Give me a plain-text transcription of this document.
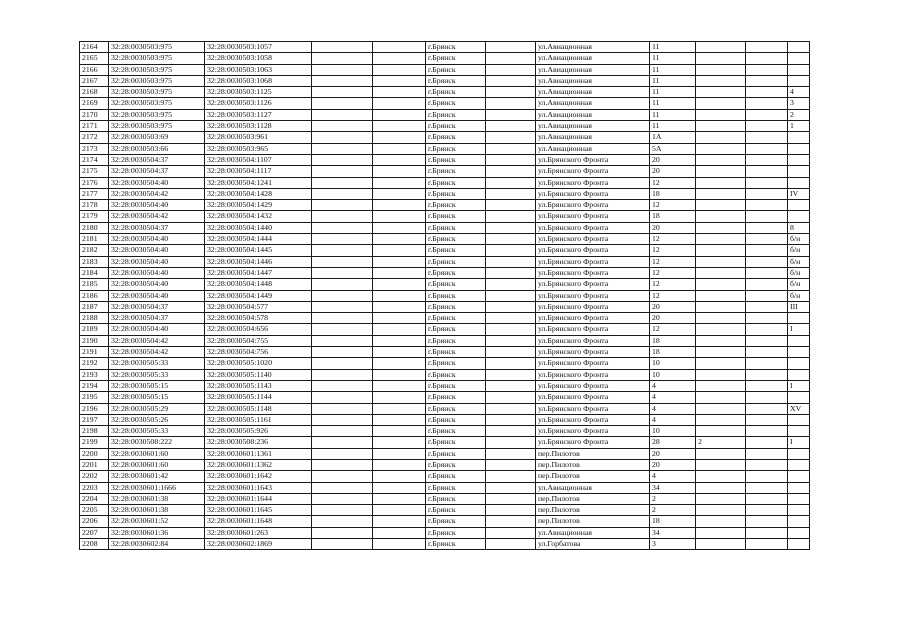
2164	32:28:0030503:975	32:28:0030503:1057			г.Брянск		ул.Авиационная	11			
2165	32:28:0030503:975	32:28:0030503:1058			г.Брянск		ул.Авиационная	11			
2166	32:28:0030503:975	32:28:0030503:1063			г.Брянск		ул.Авиационная	11			
2167	32:28:0030503:975	32:28:0030503:1068			г.Брянск		ул.Авиационная	11			
2168	32:28:0030503:975	32:28:0030503:1125			г.Брянск		ул.Авиационная	11			4
2169	32:28:0030503:975	32:28:0030503:1126			г.Брянск		ул.Авиационная	11			3
2170	32:28:0030503:975	32:28:0030503:1127			г.Брянск		ул.Авиационная	11			2
2171	32:28:0030503:975	32:28:0030503:1128			г.Брянск		ул.Авиационная	11			1
2172	32:28:0030503:69	32:28:0030503:961			г.Брянск		ул.Авиационная	1А			
2173	32:28:0030503:66	32:28:0030503:965			г.Брянск		ул.Авиационная	5А			
2174	32:28:0030504:37	32:28:0030504:1107			г.Брянск		ул.Брянского Фронта	20			
2175	32:28:0030504:37	32:28:0030504:1117			г.Брянск		ул.Брянского Фронта	20			
2176	32:28:0030504:40	32:28:0030504:1241			г.Брянск		ул.Брянского Фронта	12			
2177	32:28:0030504:42	32:28:0030504:1428			г.Брянск		ул.Брянского Фронта	18			IV
2178	32:28:0030504:40	32:28:0030504:1429			г.Брянск		ул.Брянского Фронта	12			
2179	32:28:0030504:42	32:28:0030504:1432			г.Брянск		ул.Брянского Фронта	18			
2180	32:28:0030504:37	32:28:0030504:1440			г.Брянск		ул.Брянского Фронта	20			8
2181	32:28:0030504:40	32:28:0030504:1444			г.Брянск		ул.Брянского Фронта	12			б/н
2182	32:28:0030504:40	32:28:0030504:1445			г.Брянск		ул.Брянского Фронта	12			б/н
2183	32:28:0030504:40	32:28:0030504:1446			г.Брянск		ул.Брянского Фронта	12			б/н
2184	32:28:0030504:40	32:28:0030504:1447			г.Брянск		ул.Брянского Фронта	12			б/н
2185	32:28:0030504:40	32:28:0030504:1448			г.Брянск		ул.Брянского Фронта	12			б/н
2186	32:28:0030504:40	32:28:0030504:1449			г.Брянск		ул.Брянского Фронта	12			б/н
2187	32:28:0030504:37	32:28:0030504:577			г.Брянск		ул.Брянского Фронта	20			III
2188	32:28:0030504:37	32:28:0030504:578			г.Брянск		ул.Брянского Фронта	20			
2189	32:28:0030504:40	32:28:0030504:656			г.Брянск		ул.Брянского Фронта	12			I
2190	32:28:0030504:42	32:28:0030504:755			г.Брянск		ул.Брянского Фронта	18			
2191	32:28:0030504:42	32:28:0030504:756			г.Брянск		ул.Брянского Фронта	18			
2192	32:28:0030505:33	32:28:0030505:1020			г.Брянск		ул.Брянского Фронта	10			
2193	32:28:0030505:33	32:28:0030505:1140			г.Брянск		ул.Брянского Фронта	10			
2194	32:28:0030505:15	32:28:0030505:1143			г.Брянск		ул.Брянского Фронта	4			I
2195	32:28:0030505:15	32:28:0030505:1144			г.Брянск		ул.Брянского Фронта	4			
2196	32:28:0030505:29	32:28:0030505:1148			г.Брянск		ул.Брянского Фронта	4			XV
2197	32:28:0030505:26	32:28:0030505:1161			г.Брянск		ул.Брянского Фронта	4			
2198	32:28:0030505:33	32:28:0030505:926			г.Брянск		ул.Брянского Фронта	10			
2199	32:28:0030508:222	32:28:0030508:236			г.Брянск		ул.Брянского Фронта	28	2		I
2200	32:28:0030601:60	32:28:0030601:1361			г.Брянск		пер.Пилотов	20			
2201	32:28:0030601:60	32:28:0030601:1362			г.Брянск		пер.Пилотов	20			
2202	32:28:0030601:42	32:28:0030601:1642			г.Брянск		пер.Пилотов	4			
2203	32:28:0030601:1666	32:28:0030601:1643			г.Брянск		ул.Авиационная	34			
2204	32:28:0030601:38	32:28:0030601:1644			г.Брянск		пер.Пилотов	2			
2205	32:28:0030601:38	32:28:0030601:1645			г.Брянск		пер.Пилотов	2			
2206	32:28:0030601:52	32:28:0030601:1648			г.Брянск		пер.Пилотов	18			
2207	32:28:0030601:36	32:28:0030601:263			г.Брянск		ул.Авиационная	34			
2208	32:28:0030602:84	32:28:0030602:1869			г.Брянск		ул.Горбатова	3			
